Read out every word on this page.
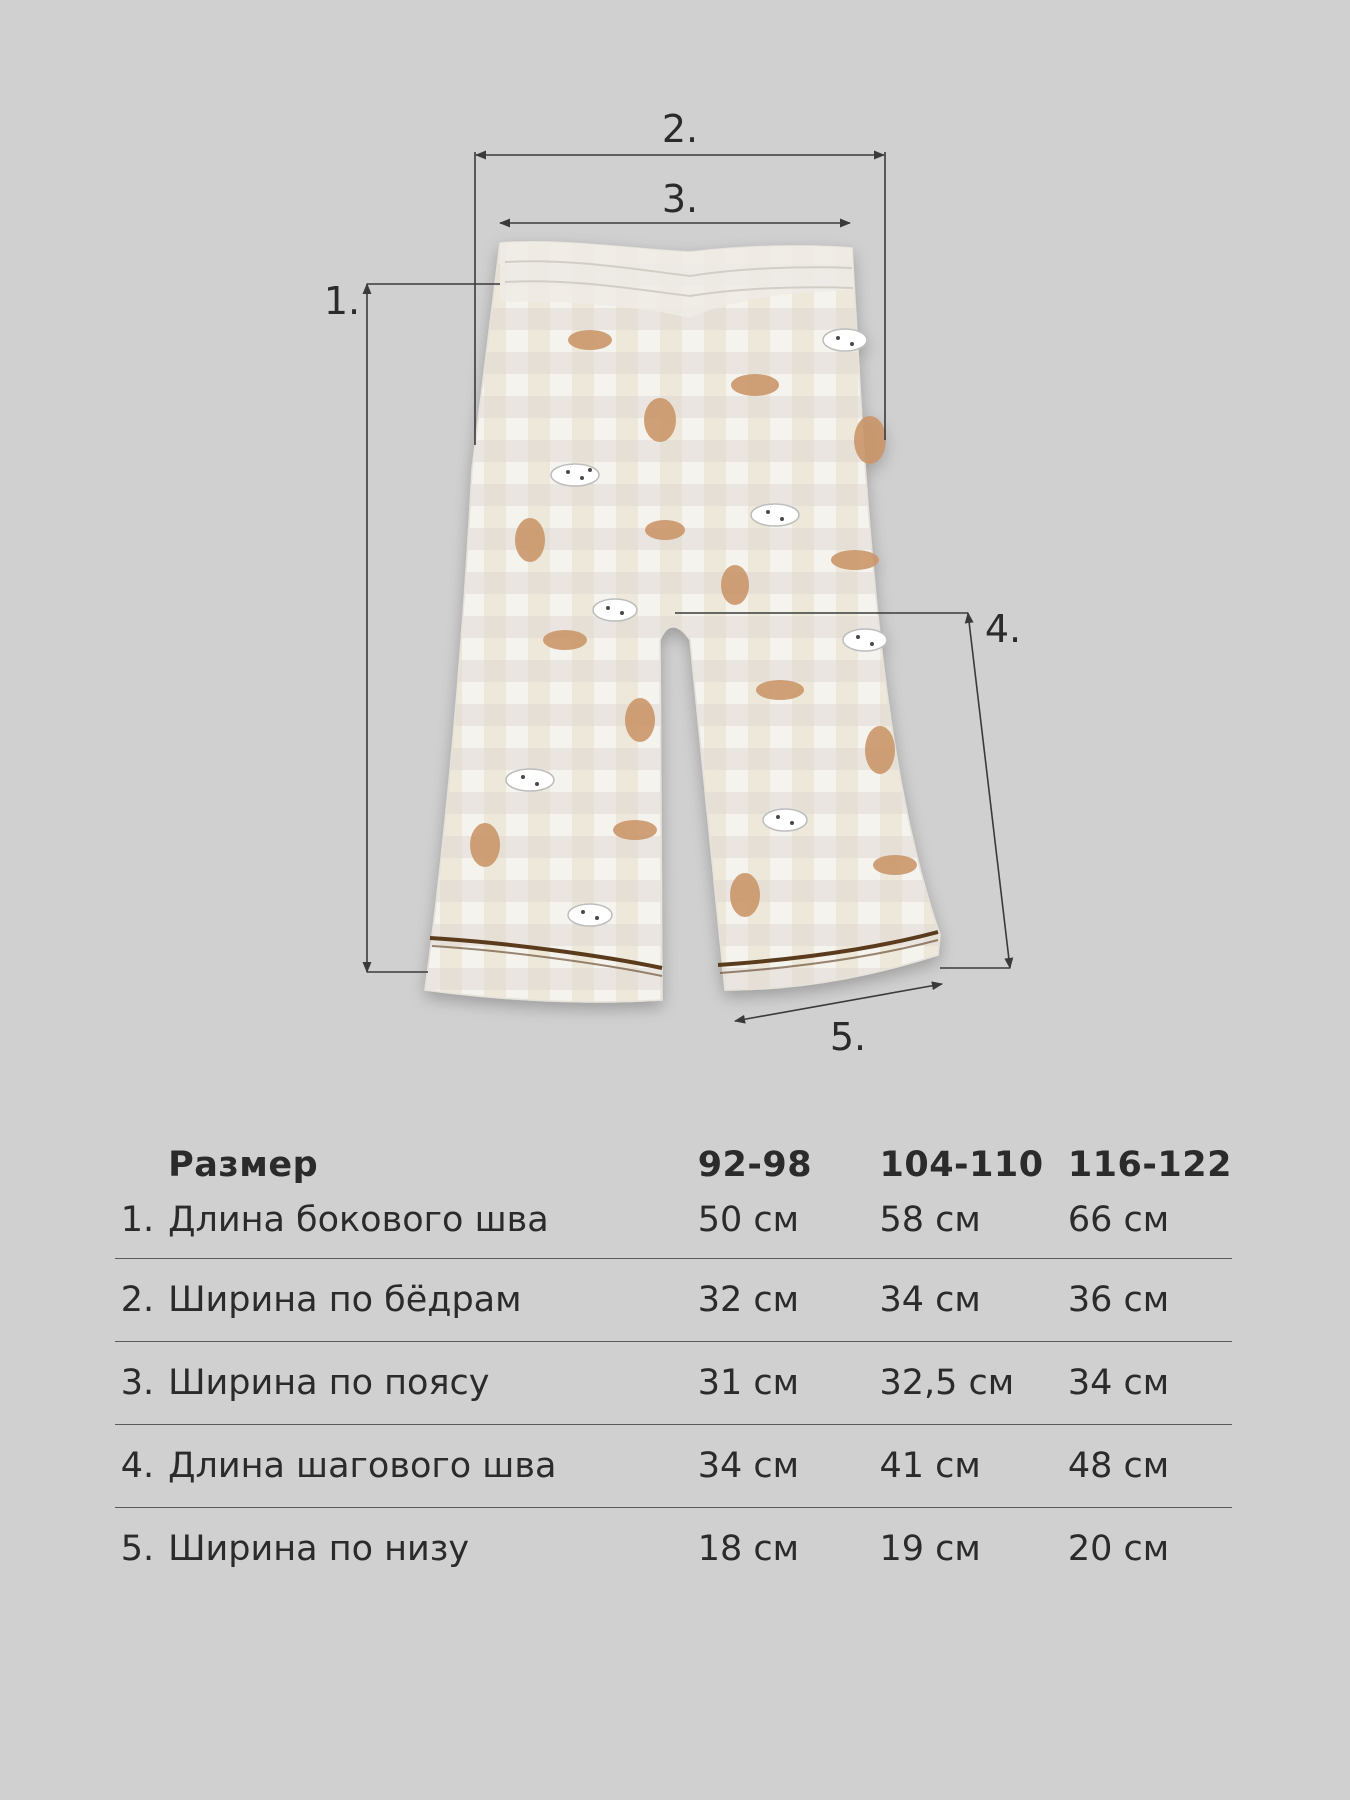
2.
3.
1.
4.
5.
	Размер	92-98	104-110	116-122
1.	Длина бокового шва	50 см	58 см	66 см
2.	Ширина по бёдрам	32 см	34 см	36 см
3.	Ширина по поясу	31 см	32,5 см	34 см
4.	Длина шагового шва	34 см	41 см	48 см
5.	Ширина по низу	18 см	19 см	20 см
